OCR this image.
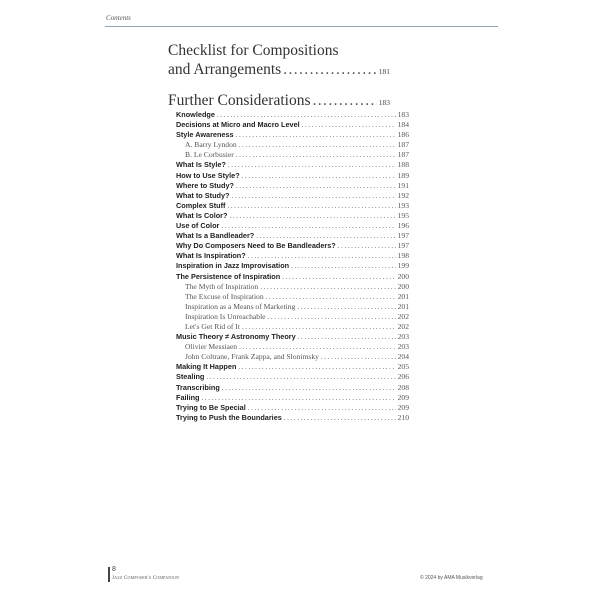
Contents
Checklist for Compositions
and Arrangements .....	181
Further Considerations .....	183
Knowledge .....	183
Decisions at Micro and Macro Level .....	184
Style Awareness .....	186
A. Barry Lyndon .....	187
B. Le Corbusier .....	187
What Is Style? .....	188
How to Use Style? .....	189
Where to Study? .....	191
What to Study? .....	192
Complex Stuff .....	193
What Is Color? .....	195
Use of Color .....	196
What Is a Bandleader? .....	197
Why Do Composers Need to Be Bandleaders? .....	197
What Is Inspiration? .....	198
Inspiration in Jazz Improvisation .....	199
The Persistence of Inspiration .....	200
The Myth of Inspiration .....	200
The Excuse of Inspiration .....	201
Inspiration as a Means of Marketing .....	201
Inspiration Is Unreachable .....	202
Let's Get Rid of It .....	202
Music Theory ≠ Astronomy Theory .....	203
Olivier Messiaen .....	203
John Coltrane, Frank Zappa, and Slonimsky .....	204
Making It Happen .....	205
Stealing .....	206
Transcribing .....	208
Failing .....	209
Trying to Be Special .....	209
Trying to Push the Boundaries .....	210
8
Jazz Composer's Companion	© 2024 by AMA Musikverlag
